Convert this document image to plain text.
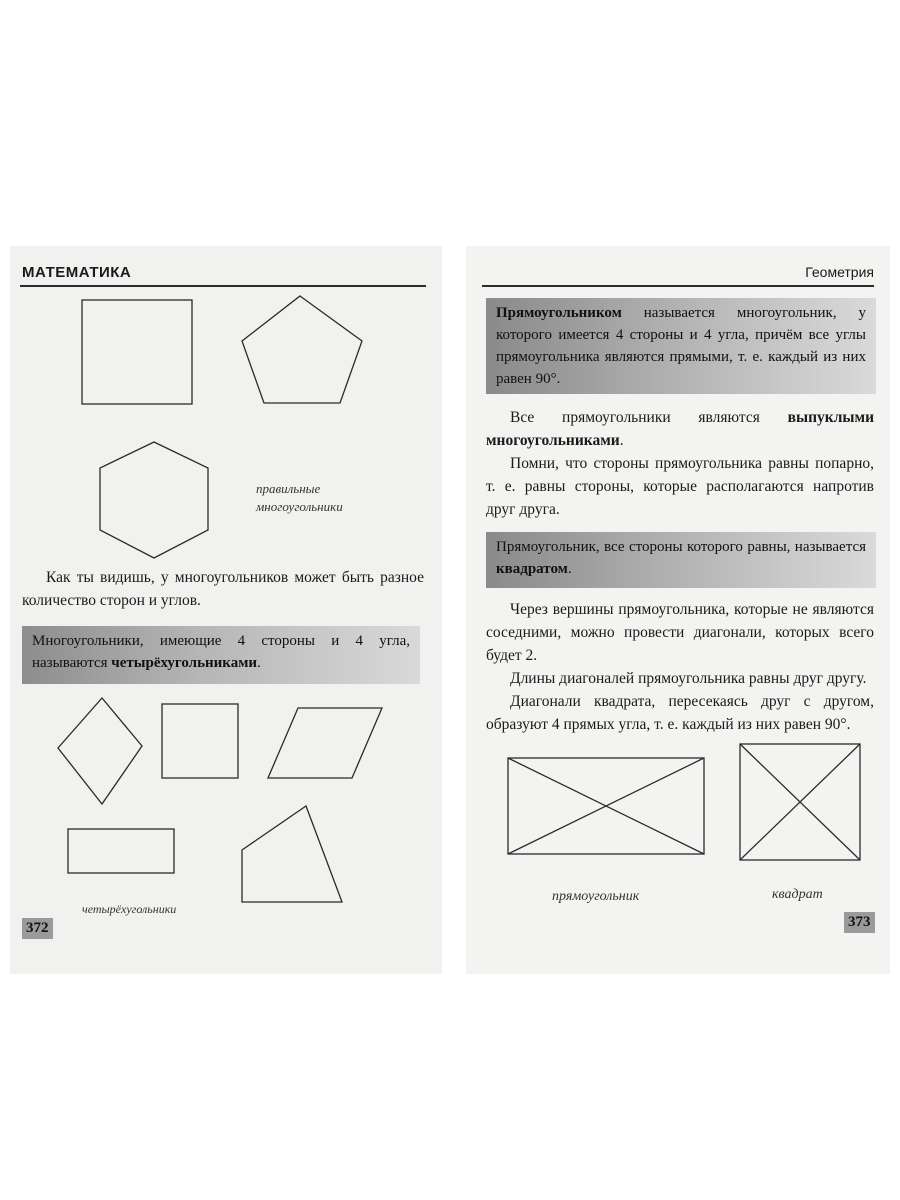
МАТЕМАТИКА
правильные
многоугольники

Как ты видишь, у многоугольников может быть разное количество сторон и углов.

Многоугольники, имеющие 4 стороны и 4 угла, называются четырёхугольниками.
четырёхугольники
372
Геометрия
Прямоугольником называется многоугольник, у которого имеется 4 стороны и 4 угла, причём все углы прямоугольника являются прямыми, т. е. каждый из них равен 90°.

Все прямоугольники являются выпуклыми многоугольниками.

Помни, что стороны прямоугольника равны попарно, т. е. равны стороны, которые располагаются напротив друг друга.

Прямоугольник, все стороны которого равны, называется квадратом.

Через вершины прямоугольника, которые не являются соседними, можно провести диагонали, которых всего будет 2.

Длины диагоналей прямоугольника равны друг другу.

Диагонали квадрата, пересекаясь друг с другом, образуют 4 прямых угла, т. е. каждый из них равен 90°.

прямоугольник	квадрат
373
